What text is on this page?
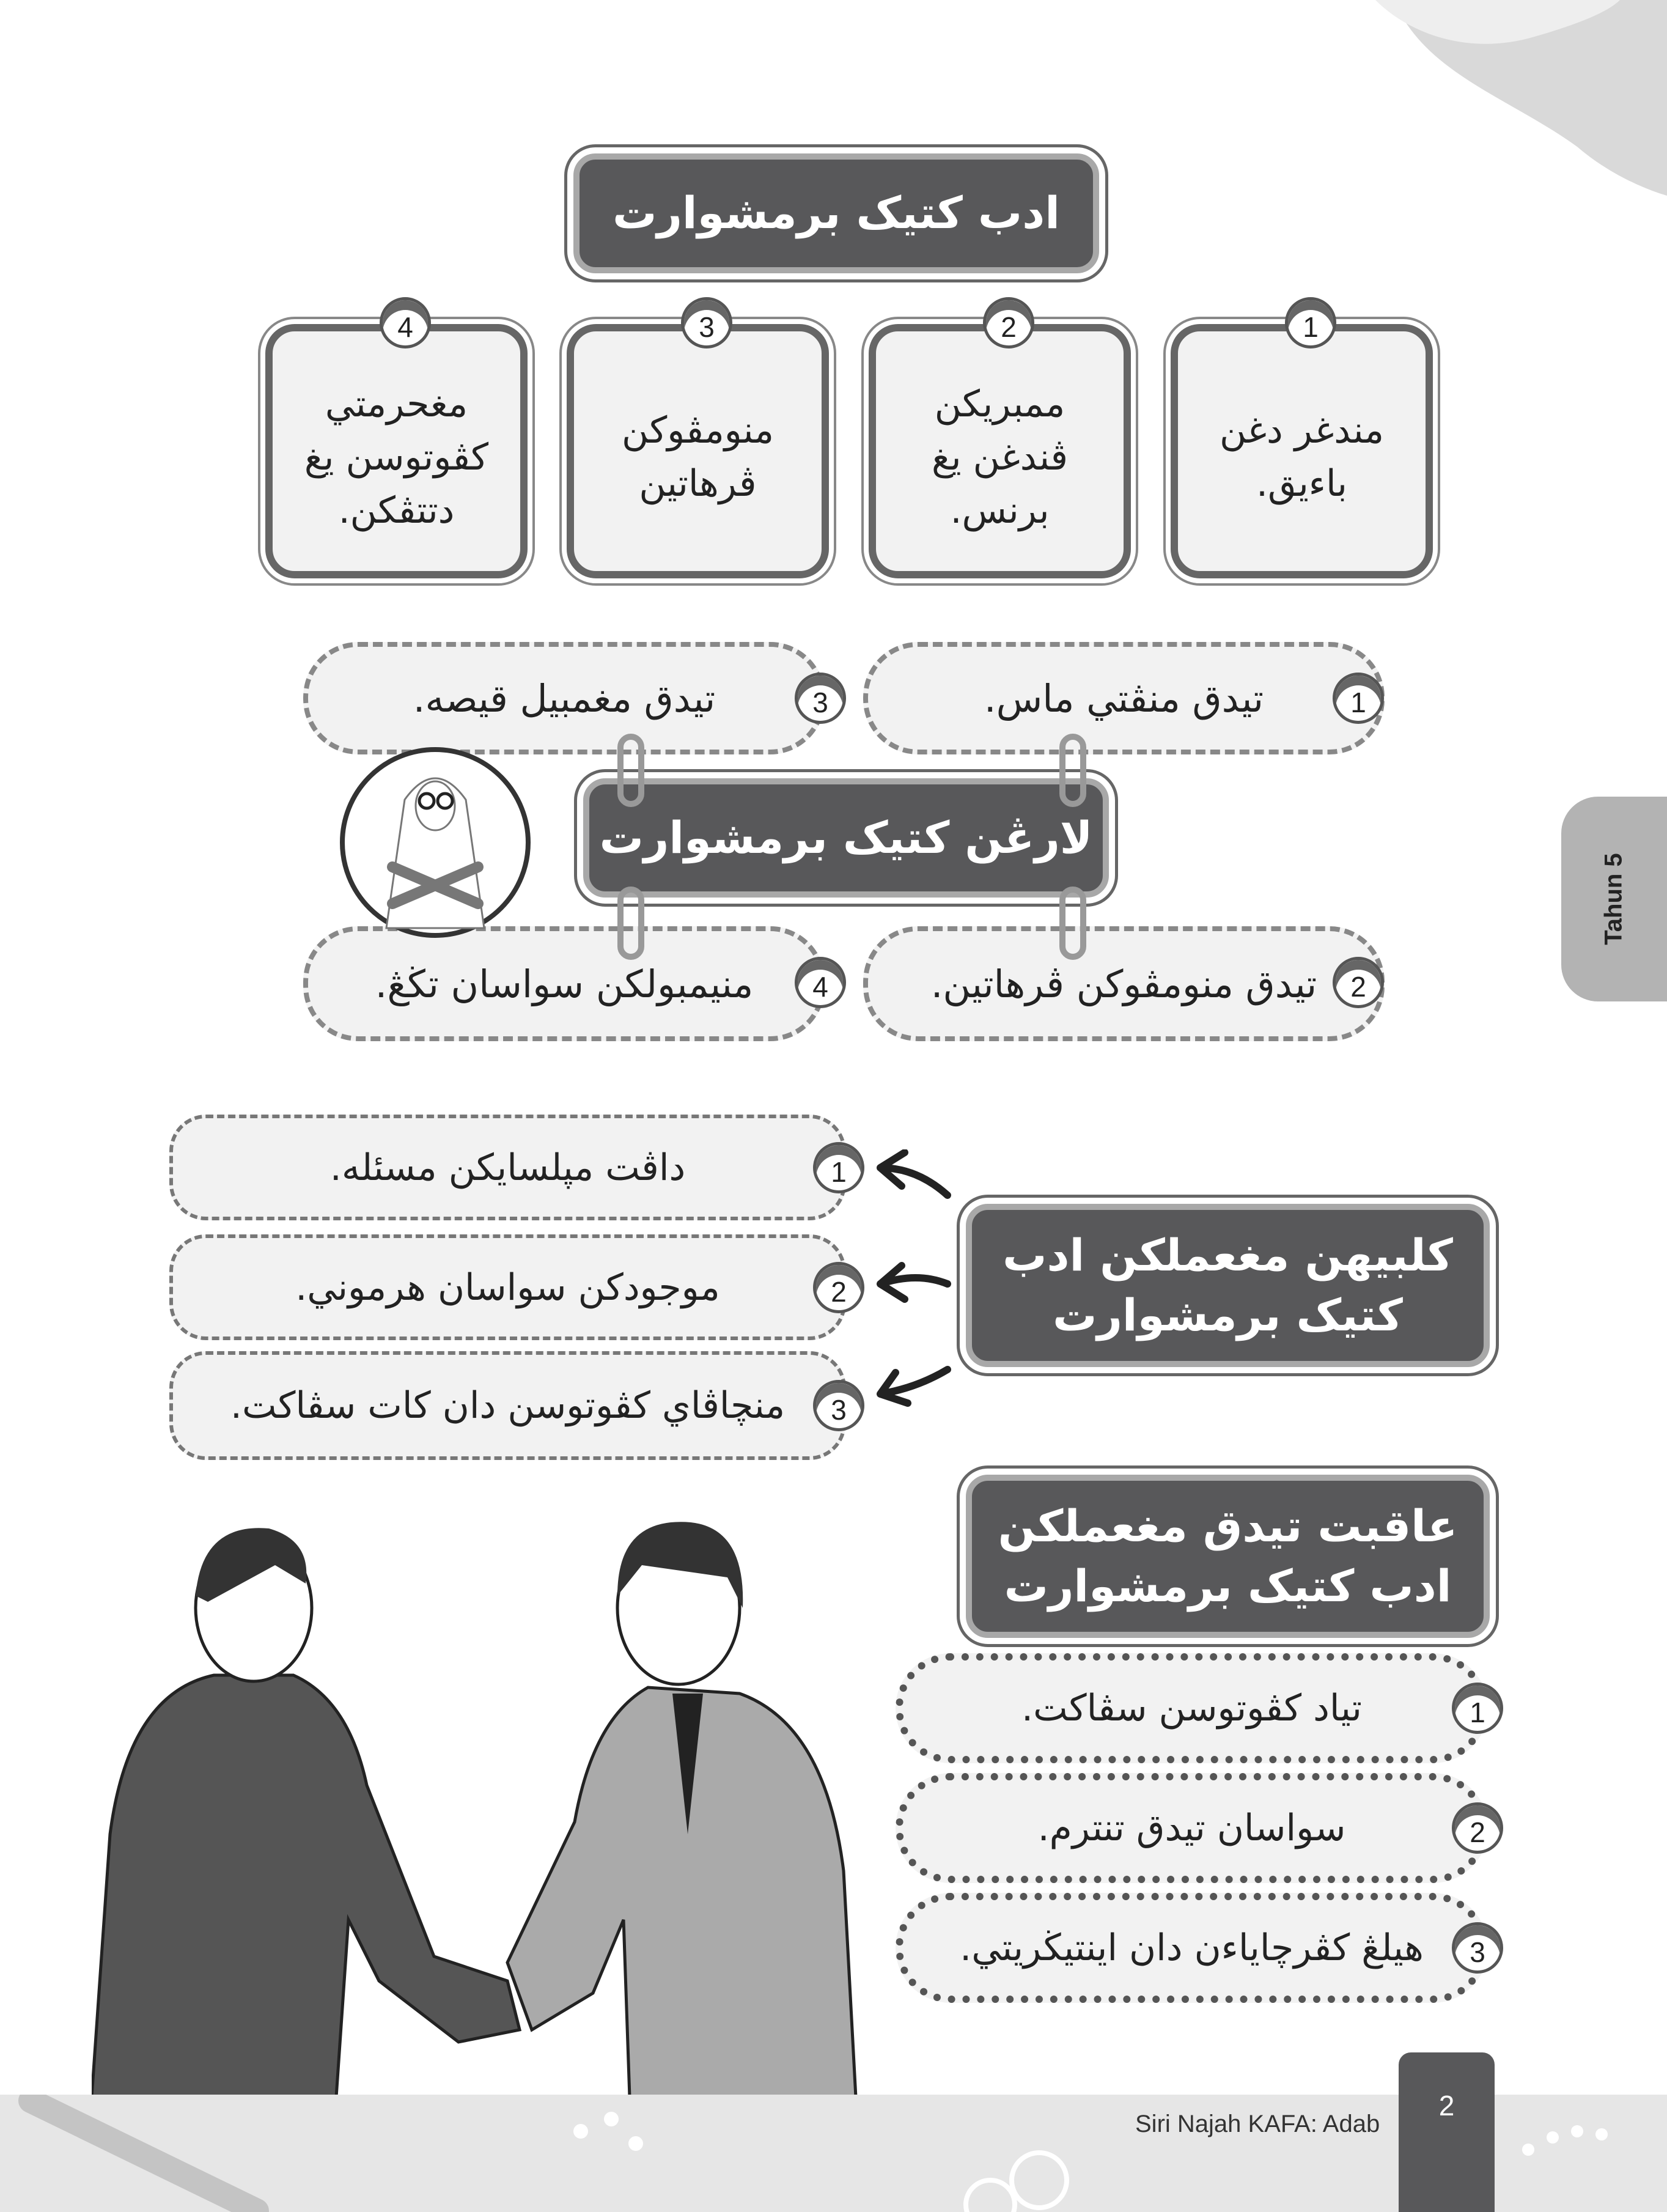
Tahun 5
ادب كتيک برمشوارت
مندغر دغن باءيق.
ممبريكن ڤندغن يغ برنس.
منومڤوكن ڤرهاتين
مغحرمتي كڤوتوسن يغ دتتڤكن.
1
2
3
4
تيدق منڤتي ماس.
تيدق مغمبيل قيصه.
تيدق منومڤوكن ڤرهاتين.
منيمبولكن سواسان تڬڠ.
1
3
2
4
لارڠن كتيک برمشوارت
داڤت مپلسايكن مسئله.
موجودكن سواسان هرموني.
منچاڤاي كڤوتوسن دان كات سڤاكت.
1
2
3
كلبيهن مغعملكن ادب كتيک برمشوارت
عاقبت تيدق مغعملكن ادب كتيک برمشوارت
تياد كڤوتوسن سڤاكت.
سواسان تيدق تنترم.
هيلڠ كڤرچاياءن دان اينتيڬريتي.
1
2
3
Siri Najah KAFA: Adab
2
